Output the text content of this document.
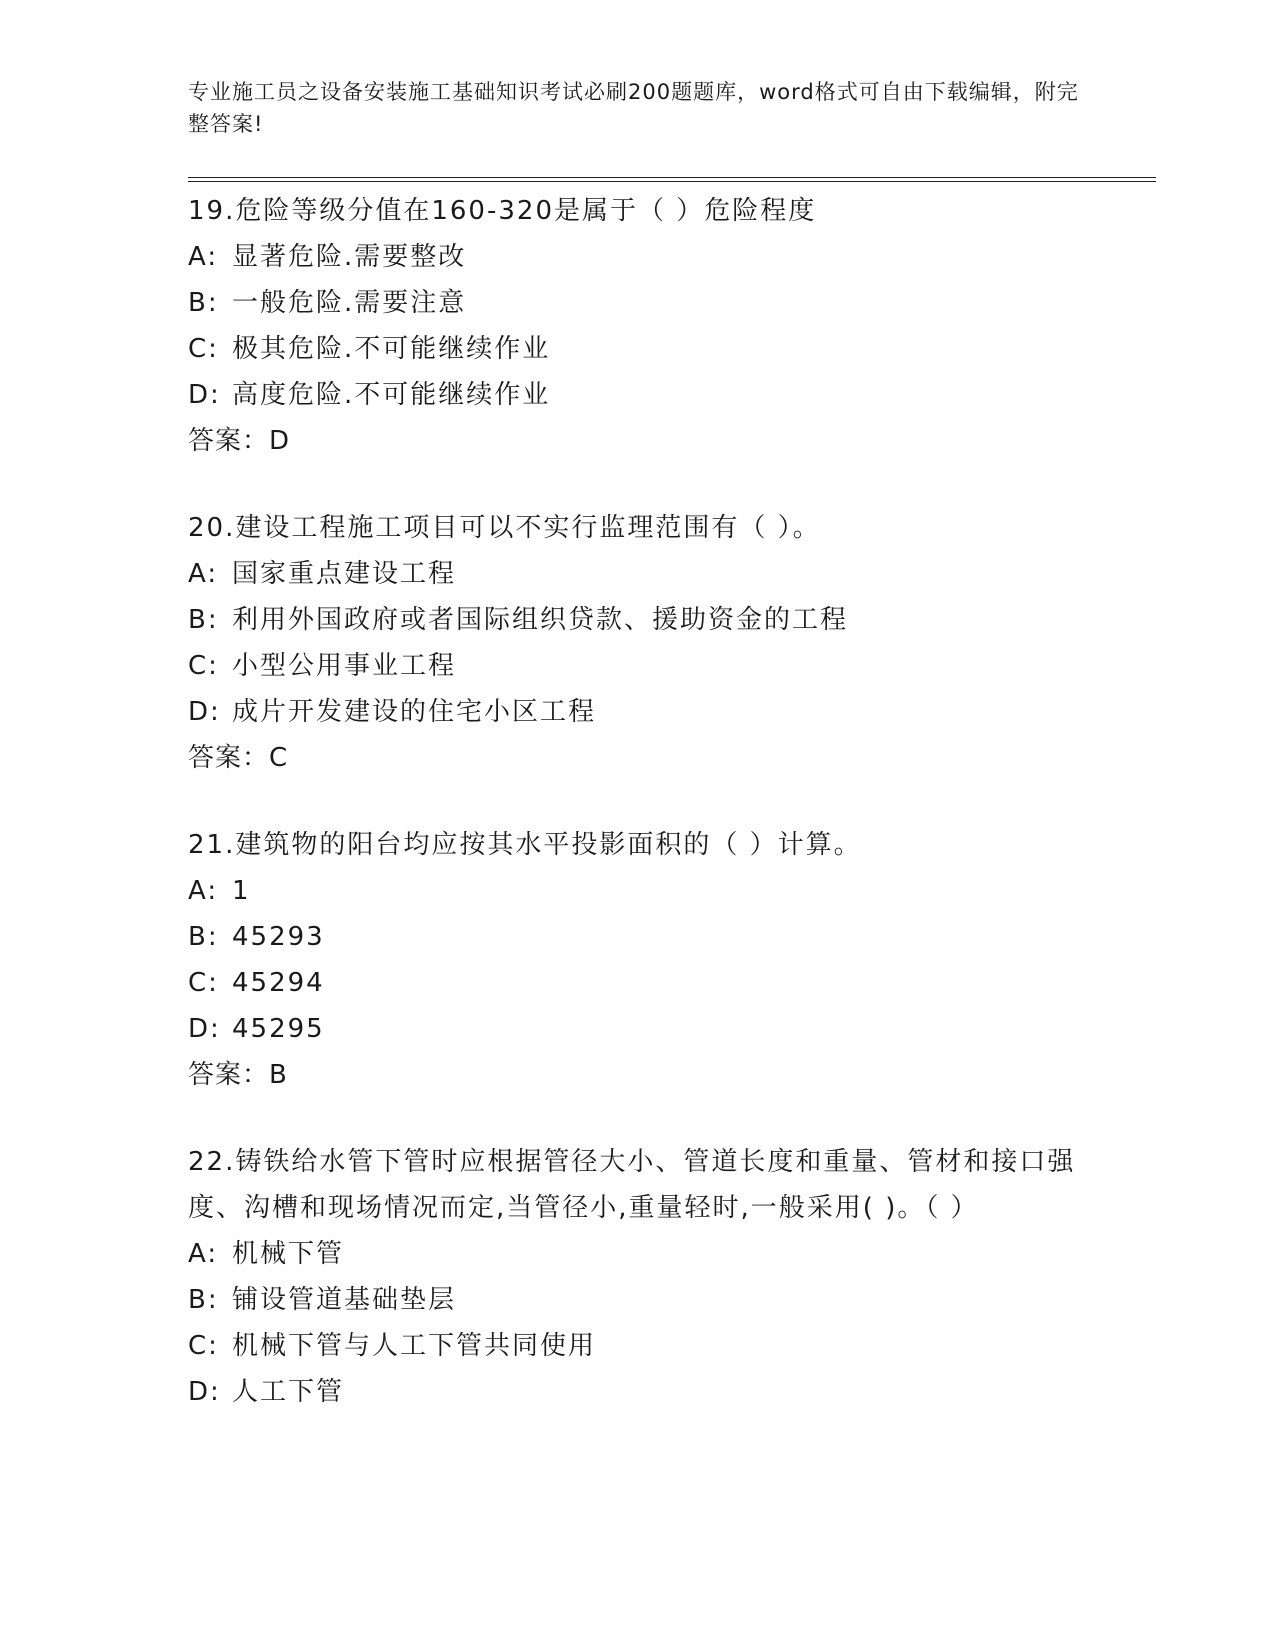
专业施工员之设备安装施工基础知识考试必刷200题题库，word格式可自由下载编辑，附完整答案!

19.危险等级分值在160-320是属于（ ）危险程度

A: 显著危险.需要整改

B: 一般危险.需要注意

C: 极其危险.不可能继续作业

D: 高度危险.不可能继续作业

答案：D

20.建设工程施工项目可以不实行监理范围有（ ）。

A: 国家重点建设工程

B: 利用外国政府或者国际组织贷款、援助资金的工程

C: 小型公用事业工程

D: 成片开发建设的住宅小区工程

答案：C

21.建筑物的阳台均应按其水平投影面积的（ ）计算。

A: 1

B: 45293

C: 45294

D: 45295

答案：B

22.铸铁给水管下管时应根据管径大小、管道长度和重量、管材和接口强度、沟槽和现场情况而定,当管径小,重量轻时,一般采用( )。（ ）

A: 机械下管

B: 铺设管道基础垫层

C: 机械下管与人工下管共同使用

D: 人工下管
